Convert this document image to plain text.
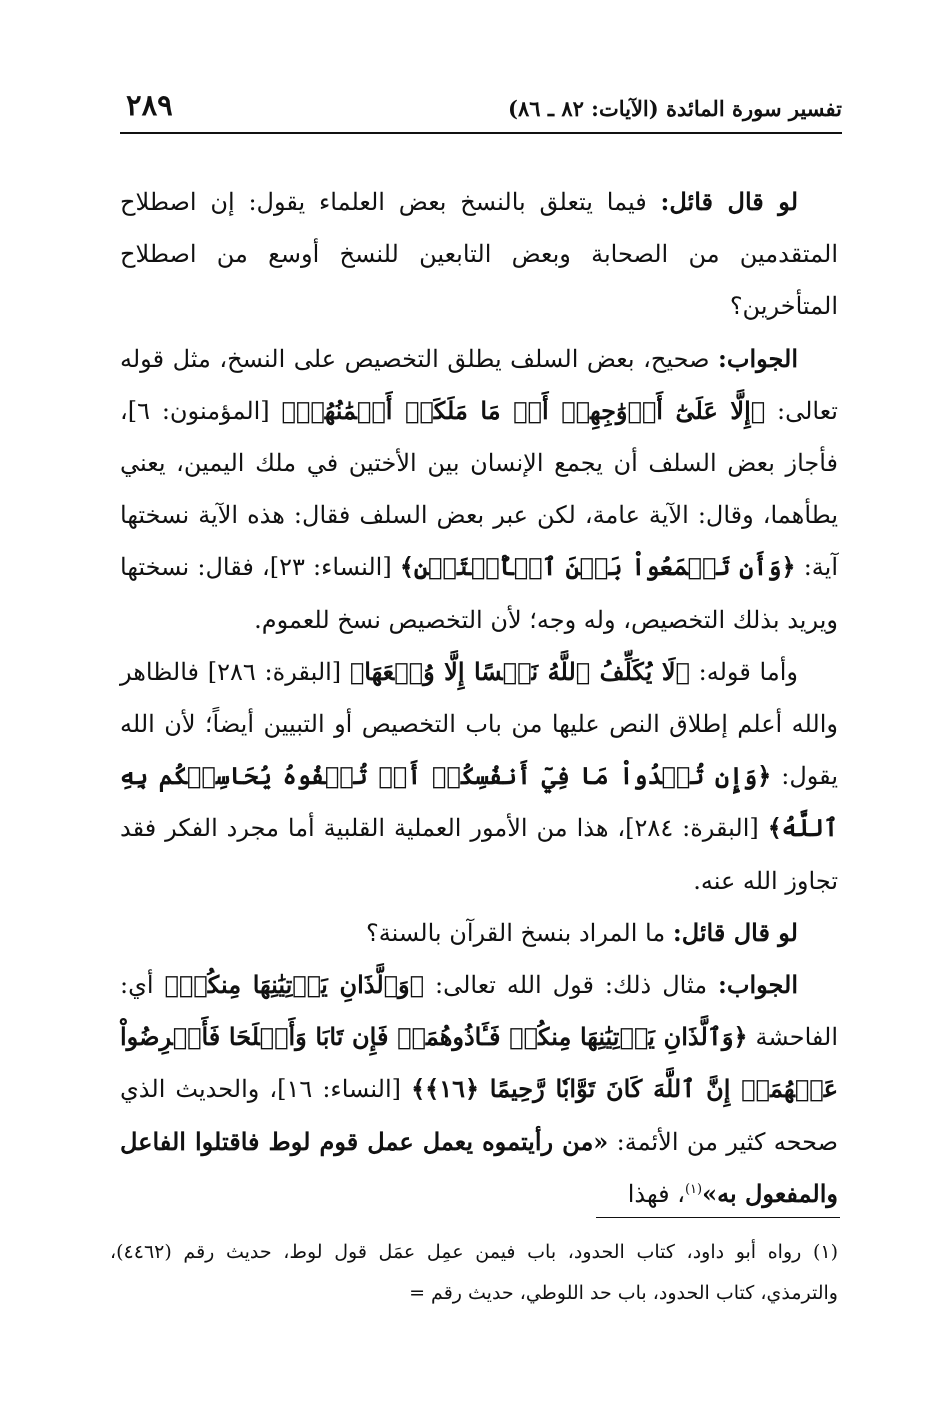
تفسير سورة المائدة (الآيات: ٨٢ ـ ٨٦)
٢٨٩

لو قال قائل: فيما يتعلق بالنسخ بعض العلماء يقول: إن اصطلاح المتقدمين من الصحابة وبعض التابعين للنسخ أوسع من اصطلاح المتأخرين؟

الجواب: صحيح، بعض السلف يطلق التخصيص على النسخ، مثل قوله تعالى: ﴿إِلَّا عَلَىٰٓ أَزۡوَٰجِهِمۡ أَوۡ مَا مَلَكَتۡ أَيۡمَٰنُهُمۡ﴾ [المؤمنون: ٦]، فأجاز بعض السلف أن يجمع الإنسان بين الأختين في ملك اليمين، يعني يطأهما، وقال: الآية عامة، لكن عبر بعض السلف فقال: هذه الآية نسختها آية: ﴿وَأَن تَجۡمَعُواْ بَيۡنَ ٱلۡأُخۡتَيۡنِ﴾ [النساء: ٢٣]، فقال: نسختها ويريد بذلك التخصيص، وله وجه؛ لأن التخصيص نسخ للعموم.

وأما قوله: ﴿لَا يُكَلِّفُ ٱللَّهُ نَفۡسًا إِلَّا وُسۡعَهَا﴾ [البقرة: ٢٨٦] فالظاهر والله أعلم إطلاق النص عليها من باب التخصيص أو التبيين أيضاً؛ لأن الله يقول: ﴿وَإِن تُبۡدُواْ مَا فِيٓ أَنفُسِكُمۡ أَوۡ تُخۡفُوهُ يُحَاسِبۡكُم بِهِ ٱللَّهُ﴾ [البقرة: ٢٨٤]، هذا من الأمور العملية القلبية أما مجرد الفكر فقد تجاوز الله عنه.

لو قال قائل: ما المراد بنسخ القرآن بالسنة؟

الجواب: مثال ذلك: قول الله تعالى: ﴿وَٱلَّذَانِ يَأۡتِيَٰنِهَا مِنكُمۡ﴾ أي: الفاحشة ﴿وَٱلَّذَانِ يَأۡتِيَٰنِهَا مِنكُمۡ فَـَٔاذُوهُمَاۖ فَإِن تَابَا وَأَصۡلَحَا فَأَعۡرِضُواْ عَنۡهُمَآۗ إِنَّ ٱللَّهَ كَانَ تَوَّابٗا رَّحِيمًا ﴿١٦﴾﴾ [النساء: ١٦]، والحديث الذي صححه كثير من الأئمة: «من رأيتموه يعمل عمل قوم لوط فاقتلوا الفاعل والمفعول به»$^{(١)}$، فهذا

(١) رواه أبو داود، كتاب الحدود، باب فيمن عمِل عمَل قول لوط، حديث رقم (٤٤٦٢)، والترمذي، كتاب الحدود، باب حد اللوطي، حديث رقم =
